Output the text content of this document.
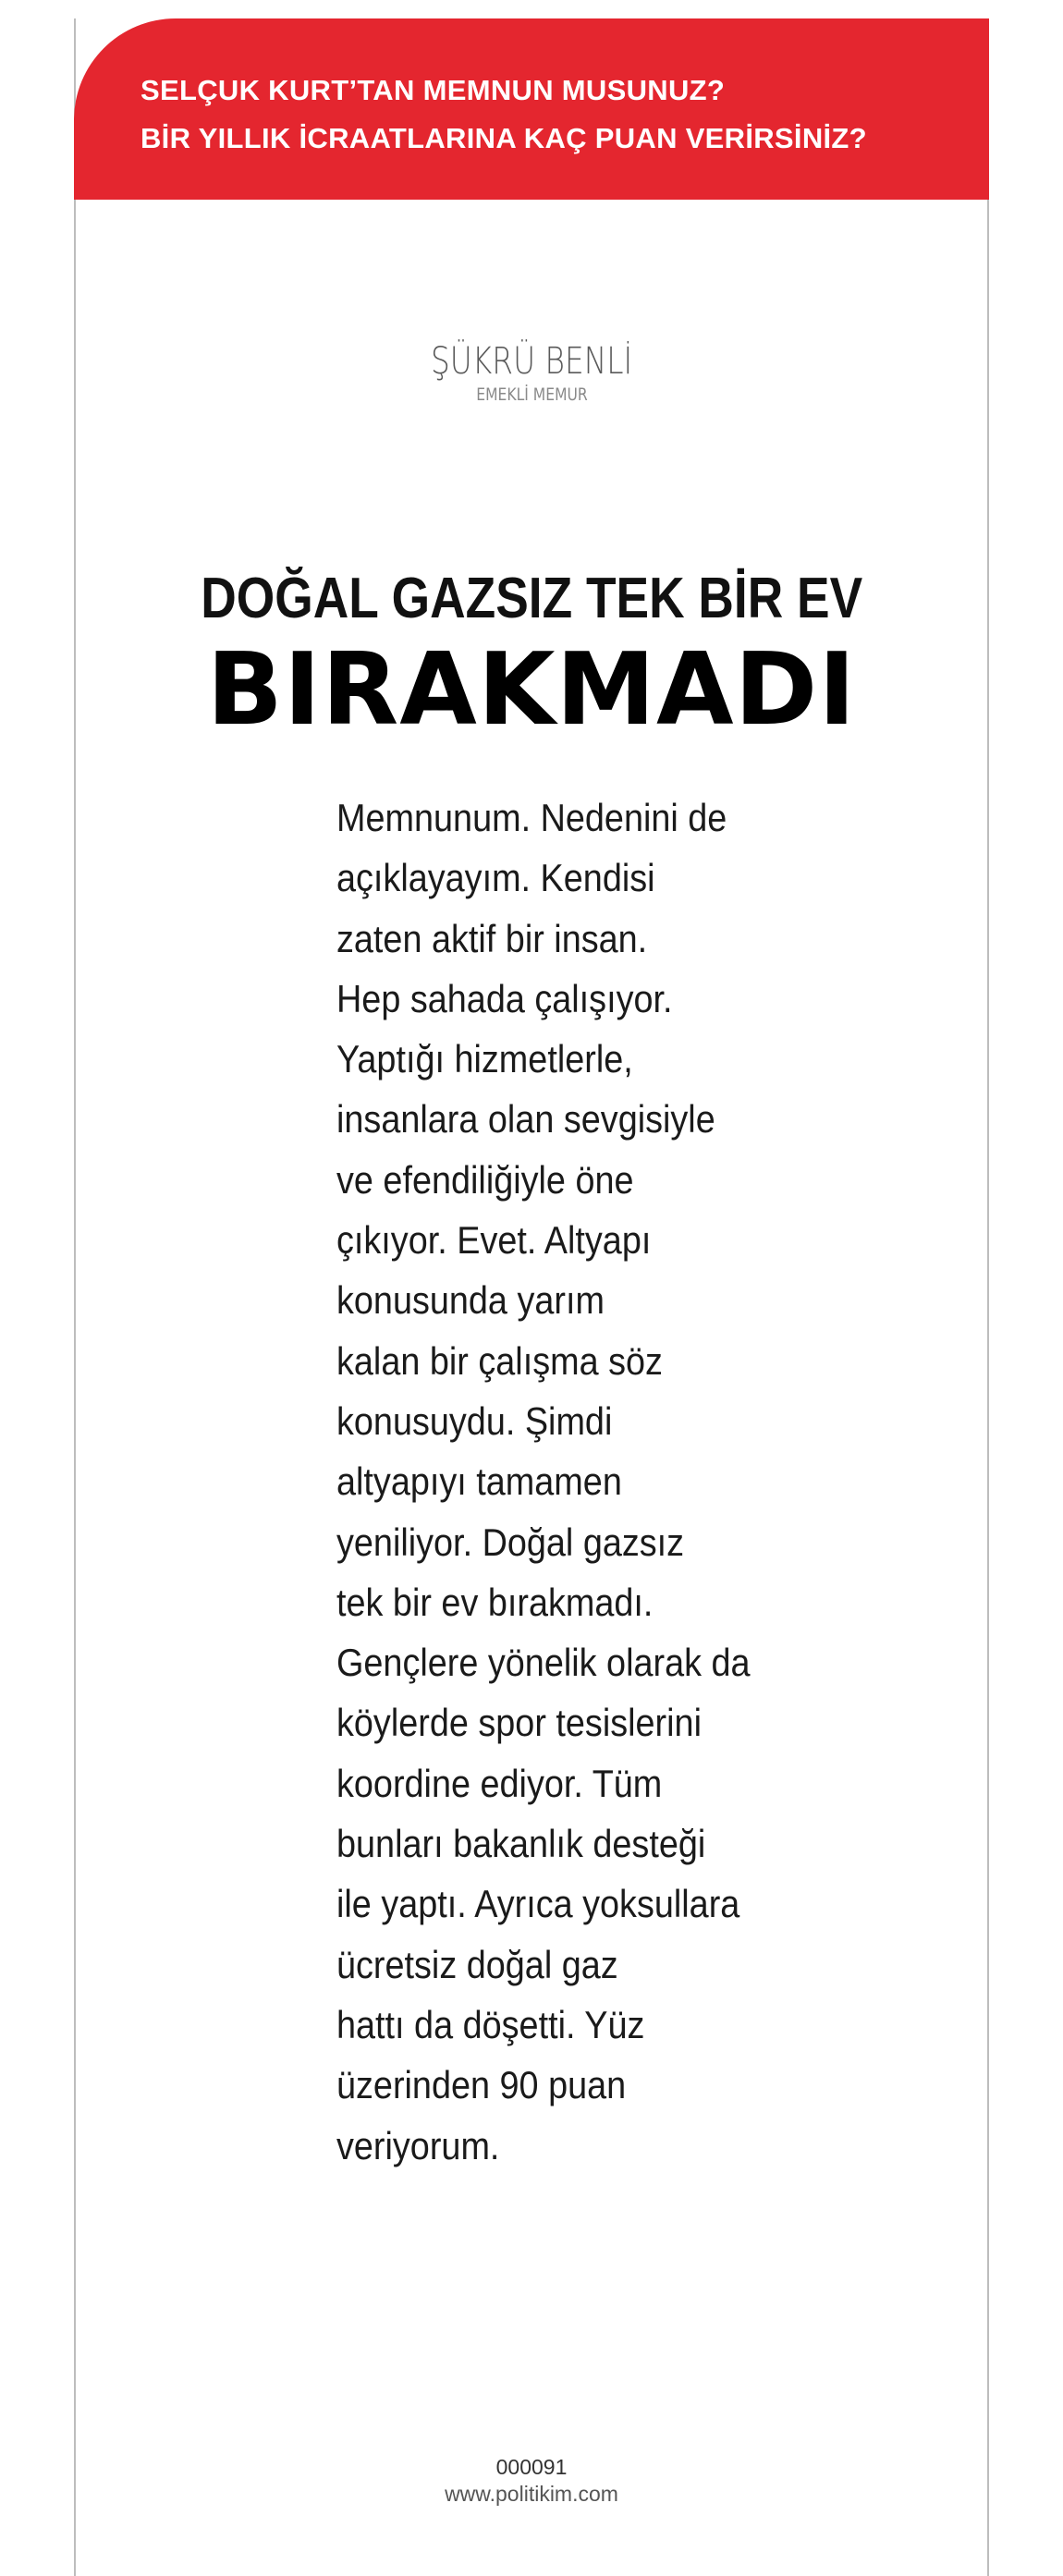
SELÇUK KURT’TAN MEMNUN MUSUNUZ?
BİR YILLIK İCRAATLARINA KAÇ PUAN VERİRSİNİZ?
ŞÜKRÜ BENLİ
EMEKLİ MEMUR
DOĞAL GAZSIZ TEK BİR EV
BIRAKMADI
Memnunum. Nedenini de
açıklayayım. Kendisi
zaten aktif bir insan.
Hep sahada çalışıyor.
Yaptığı hizmetlerle,
insanlara olan sevgisiyle
ve efendiliğiyle öne
çıkıyor. Evet. Altyapı
konusunda yarım
kalan bir çalışma söz
konusuydu. Şimdi
altyapıyı tamamen
yeniliyor. Doğal gazsız
tek bir ev bırakmadı.
Gençlere yönelik olarak da
köylerde spor tesislerini
koordine ediyor. Tüm
bunları bakanlık desteği
ile yaptı. Ayrıca yoksullara
ücretsiz doğal gaz
hattı da döşetti. Yüz
üzerinden 90 puan
veriyorum.
000091
www.politikim.com
